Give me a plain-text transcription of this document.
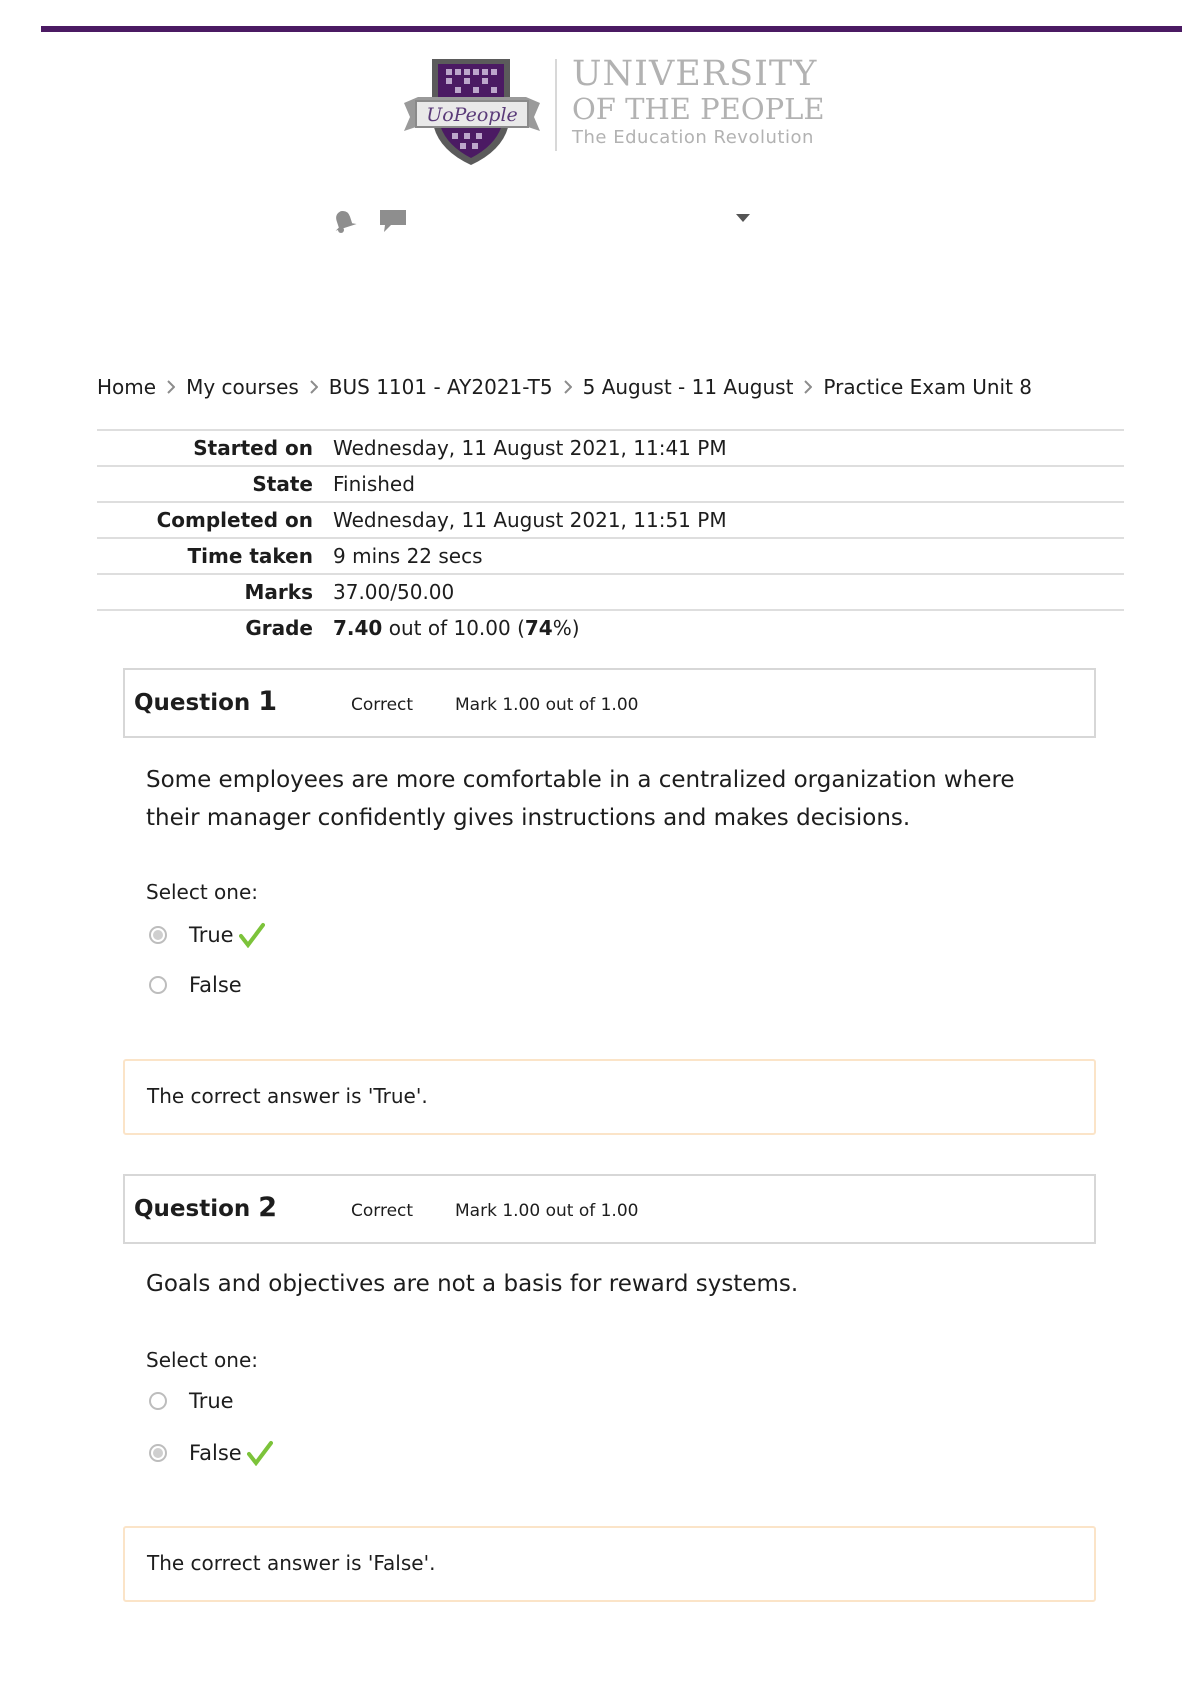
UoPeople
UNIVERSITY
OF THE PEOPLE
The Education Revolution
Home My courses BUS 1101 - AY2021-T5 5 August - 11 August Practice Exam Unit 8
Started on	Wednesday, 11 August 2021, 11:41 PM
State	Finished
Completed on	Wednesday, 11 August 2021, 11:51 PM
Time taken	9 mins 22 secs
Marks	37.00/50.00
Grade	7.40 out of 10.00 (74%)
Question 1	Correct Mark 1.00 out of 1.00
Some employees are more comfortable in a centralized organization where their manager confidently gives instructions and makes decisions.
Select one:
True
False
The correct answer is 'True'.
Question 2	Correct Mark 1.00 out of 1.00
Goals and objectives are not a basis for reward systems.
Select one:
True
False
The correct answer is 'False'.
